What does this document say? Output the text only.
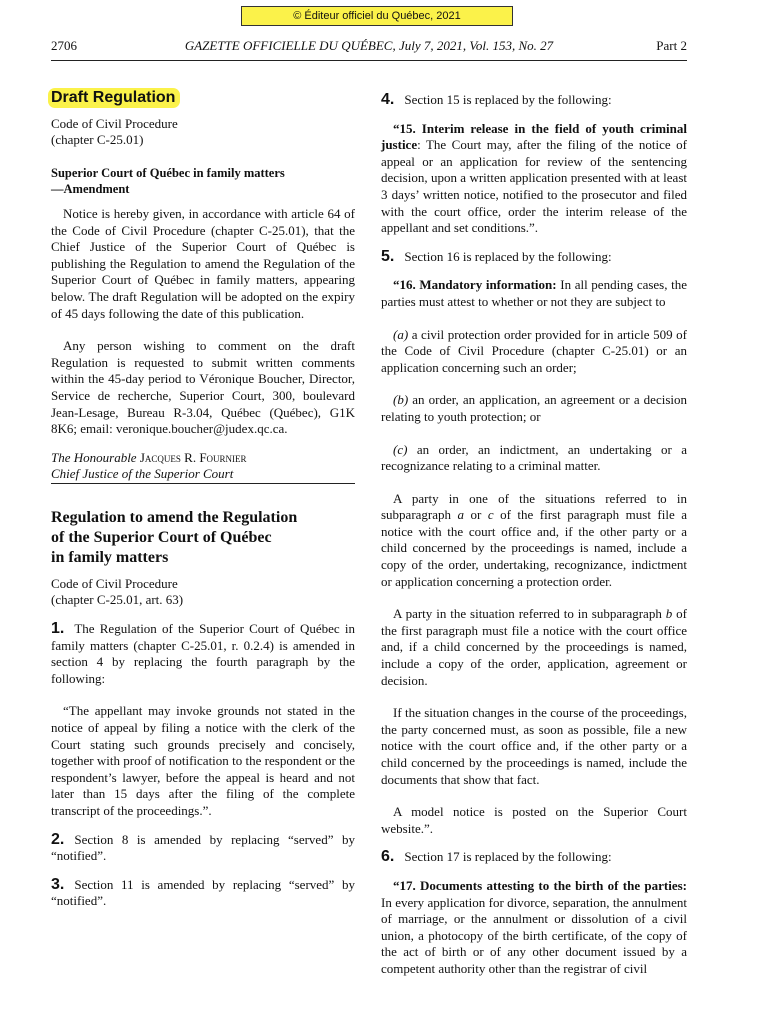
© Éditeur officiel du Québec, 2021
2706	GAZETTE OFFICIELLE DU QUÉBEC, July 7, 2021, Vol. 153, No. 27	Part 2
Draft Regulation

Code of Civil Procedure

(chapter C-25.01)

Superior Court of Québec in family matters

—Amendment

Notice is hereby given, in accordance with article 64 of the Code of Civil Procedure (chapter C-25.01), that the Chief Justice of the Superior Court of Québec is publishing the Regulation to amend the Regulation of the Superior Court of Québec in family matters, appearing below. The draft Regulation will be adopted on the expiry of 45 days following the date of this publication.

Any person wishing to comment on the draft Regulation is requested to submit written comments within the 45-day period to Véronique Boucher, Director, Service de recherche, Superior Court, 300, boulevard Jean-Lesage, Bureau R-3.04, Québec (Québec), G1K 8K6; email: veronique.boucher@judex.qc.ca.

The Honourable Jacques R. Fournier

Chief Justice of the Superior Court

Regulation to amend the Regulation

of the Superior Court of Québec

in family matters

Code of Civil Procedure

(chapter C-25.01, art. 63)

1. The Regulation of the Superior Court of Québec in family matters (chapter C-25.01, r. 0.2.4) is amended in section 4 by replacing the fourth paragraph by the following:

“The appellant may invoke grounds not stated in the notice of appeal by filing a notice with the clerk of the Court stating such grounds precisely and concisely, together with proof of notification to the respondent or the respondent’s lawyer, before the appeal is heard and not later than 15 days after the filing of the complete transcript of the proceedings.”.

2. Section 8 is amended by replacing “served” by “notified”.

3. Section 11 is amended by replacing “served” by “notified”.

4. Section 15 is replaced by the following:

“15. Interim release in the field of youth criminal justice: The Court may, after the filing of the notice of appeal or an application for review of the sentencing decision, upon a written application presented with at least 3 days’ written notice, notified to the prosecutor and filed with the court office, order the interim release of the appellant and set conditions.”.

5. Section 16 is replaced by the following:

“16. Mandatory information: In all pending cases, the parties must attest to whether or not they are subject to

(a) a civil protection order provided for in article 509 of the Code of Civil Procedure (chapter C-25.01) or an application concerning such an order;

(b) an order, an application, an agreement or a decision relating to youth protection; or

(c) an order, an indictment, an undertaking or a recognizance relating to a criminal matter.

A party in one of the situations referred to in subparagraph a or c of the first paragraph must file a notice with the court office and, if the other party or a child concerned by the proceedings is named, include a copy of the order, undertaking, recognizance, indictment or application concerning a protection order.

A party in the situation referred to in subparagraph b of the first paragraph must file a notice with the court office and, if a child concerned by the proceedings is named, include a copy of the order, application, agreement or decision.

If the situation changes in the course of the proceedings, the party concerned must, as soon as possible, file a new notice with the court office and, if the other party or a child concerned by the proceedings is named, include the documents that show that fact.

A model notice is posted on the Superior Court website.”.

6. Section 17 is replaced by the following:

“17. Documents attesting to the birth of the parties: In every application for divorce, separation, the annulment of marriage, or the annulment or dissolution of a civil union, a photocopy of the birth certificate, of the copy of the act of birth or of any other document issued by a competent authority other than the registrar of civil
